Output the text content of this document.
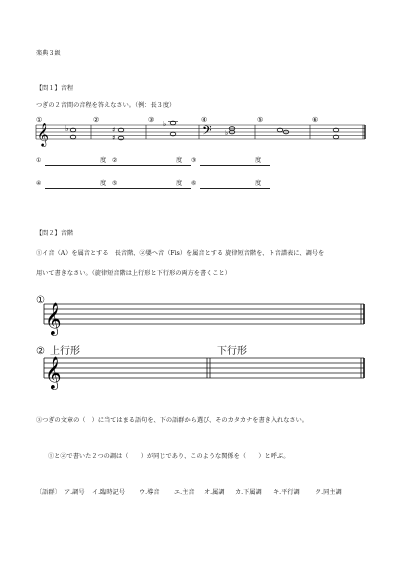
楽典３級
【問１】音程
つぎの２音間の音程を答えなさい。（例：長３度）
𝄞 ♭	♯
♯
♭ 𝄢 ♭
①	②	③	④	⑤	⑥
①	度 ②	度 ③	度
④	度 ⑤	度 ⑥	度
【問２】音階
①イ音（A）を属音とする　長音階、②嬰ヘ音（Fis）を属音とする 旋律短音階を、ト音譜表に、調号を
用いて書きなさい。（旋律短音階は上行形と下行形の両方を書くこと）
①
𝄞
② 上行形	下行形
𝄞
③つぎの文章の（　）に当てはまる語句を、下の語群から選び、そのカタカナを書き入れなさい。
①と②で書いた２つの調は（　　）が同じであり、このような関係を（　　）と呼ぶ。
〔語群〕 ア.調号 イ.臨時記号 ウ.導音 エ.主音 オ.属調 カ.下属調 キ.平行調 ク.同主調
